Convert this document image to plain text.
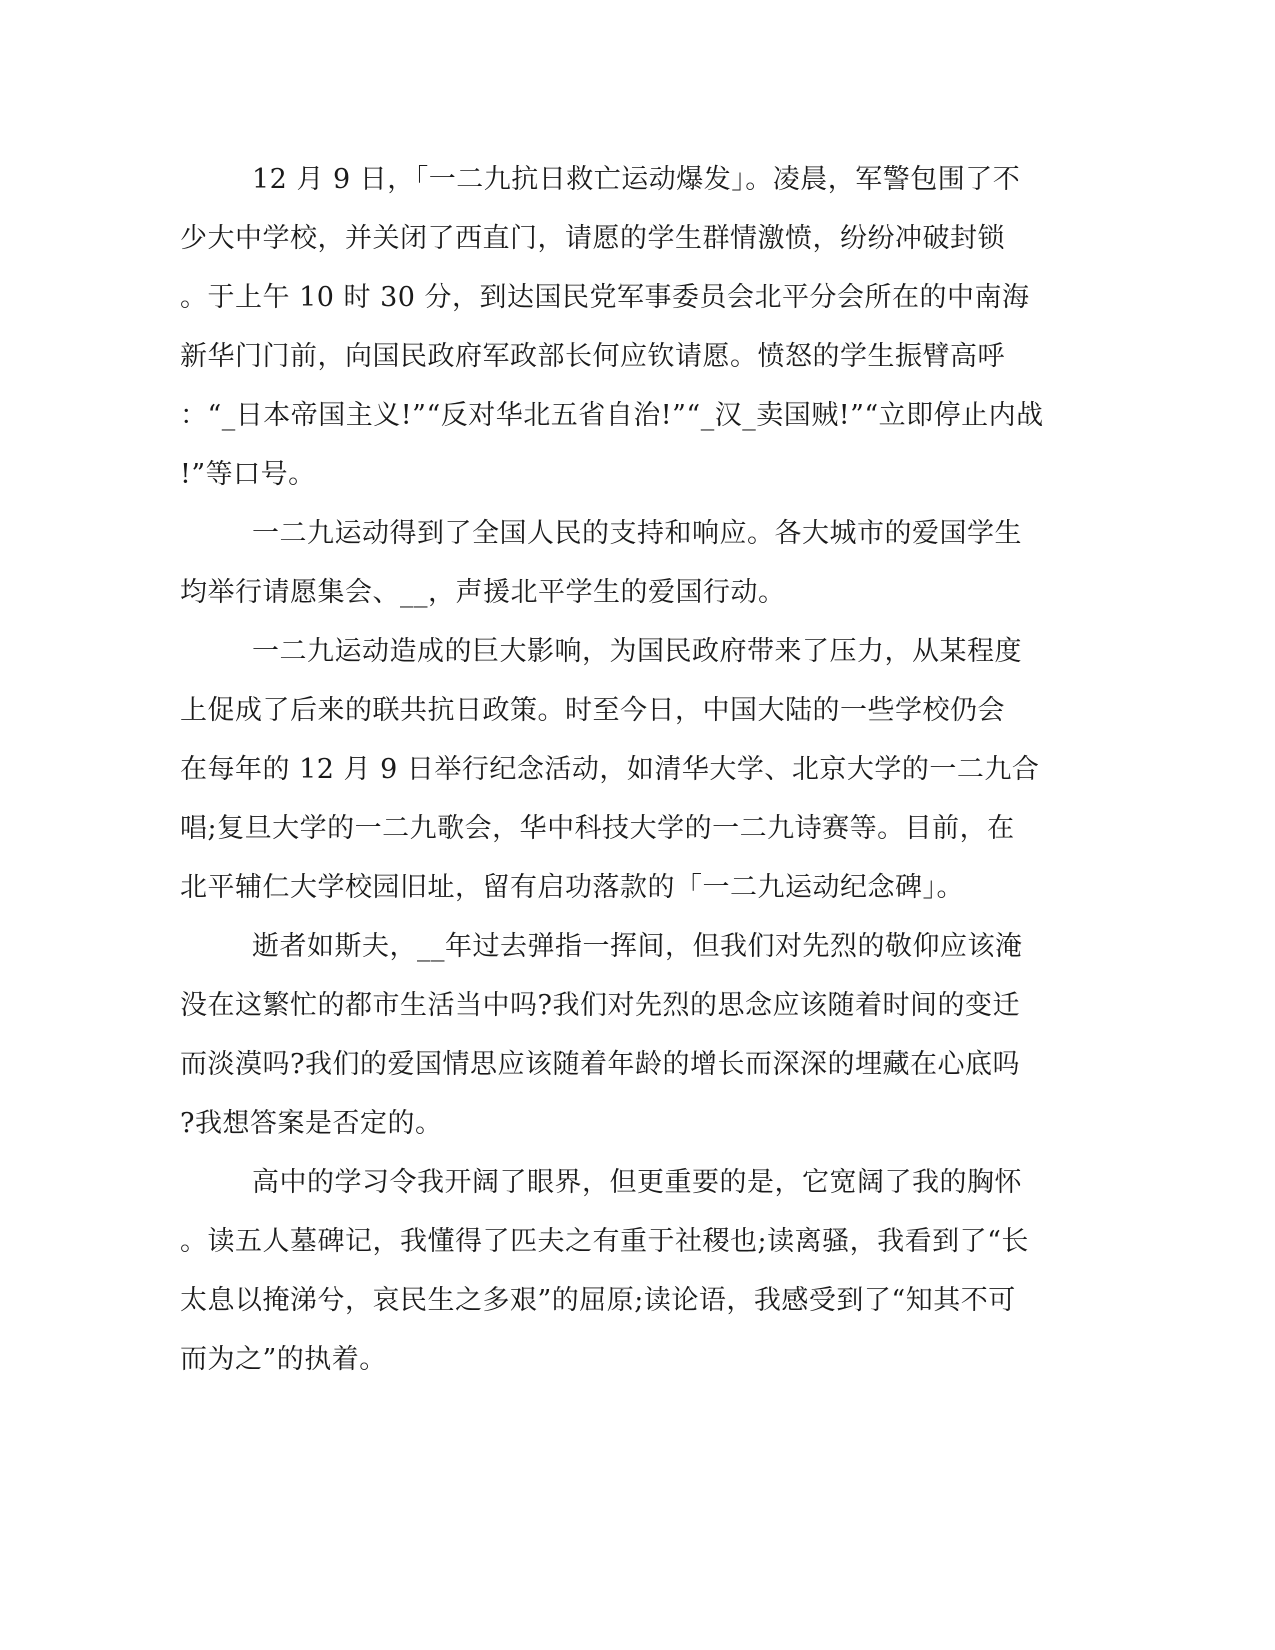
12 月 9 日，「一二九抗日救亡运动爆发」。凌晨，军警包围了不
少大中学校，并关闭了西直门，请愿的学生群情激愤，纷纷冲破封锁
。于上午 10 时 30 分，到达国民党军事委员会北平分会所在的中南海
新华门门前，向国民政府军政部长何应钦请愿。愤怒的学生振臂高呼
：“_日本帝国主义!”“反对华北五省自治!”“_汉_卖国贼!”“立即停止内战
!”等口号。
一二九运动得到了全国人民的支持和响应。各大城市的爱国学生
均举行请愿集会、__，声援北平学生的爱国行动。
一二九运动造成的巨大影响，为国民政府带来了压力，从某程度
上促成了后来的联共抗日政策。时至今日，中国大陆的一些学校仍会
在每年的 12 月 9 日举行纪念活动，如清华大学、北京大学的一二九合
唱;复旦大学的一二九歌会，华中科技大学的一二九诗赛等。目前，在
北平辅仁大学校园旧址，留有启功落款的「一二九运动纪念碑」。
逝者如斯夫，__年过去弹指一挥间，但我们对先烈的敬仰应该淹
没在这繁忙的都市生活当中吗?我们对先烈的思念应该随着时间的变迁
而淡漠吗?我们的爱国情思应该随着年龄的增长而深深的埋藏在心底吗
?我想答案是否定的。
高中的学习令我开阔了眼界，但更重要的是，它宽阔了我的胸怀
。读五人墓碑记，我懂得了匹夫之有重于社稷也;读离骚，我看到了“长
太息以掩涕兮，哀民生之多艰”的屈原;读论语，我感受到了“知其不可
而为之”的执着。
